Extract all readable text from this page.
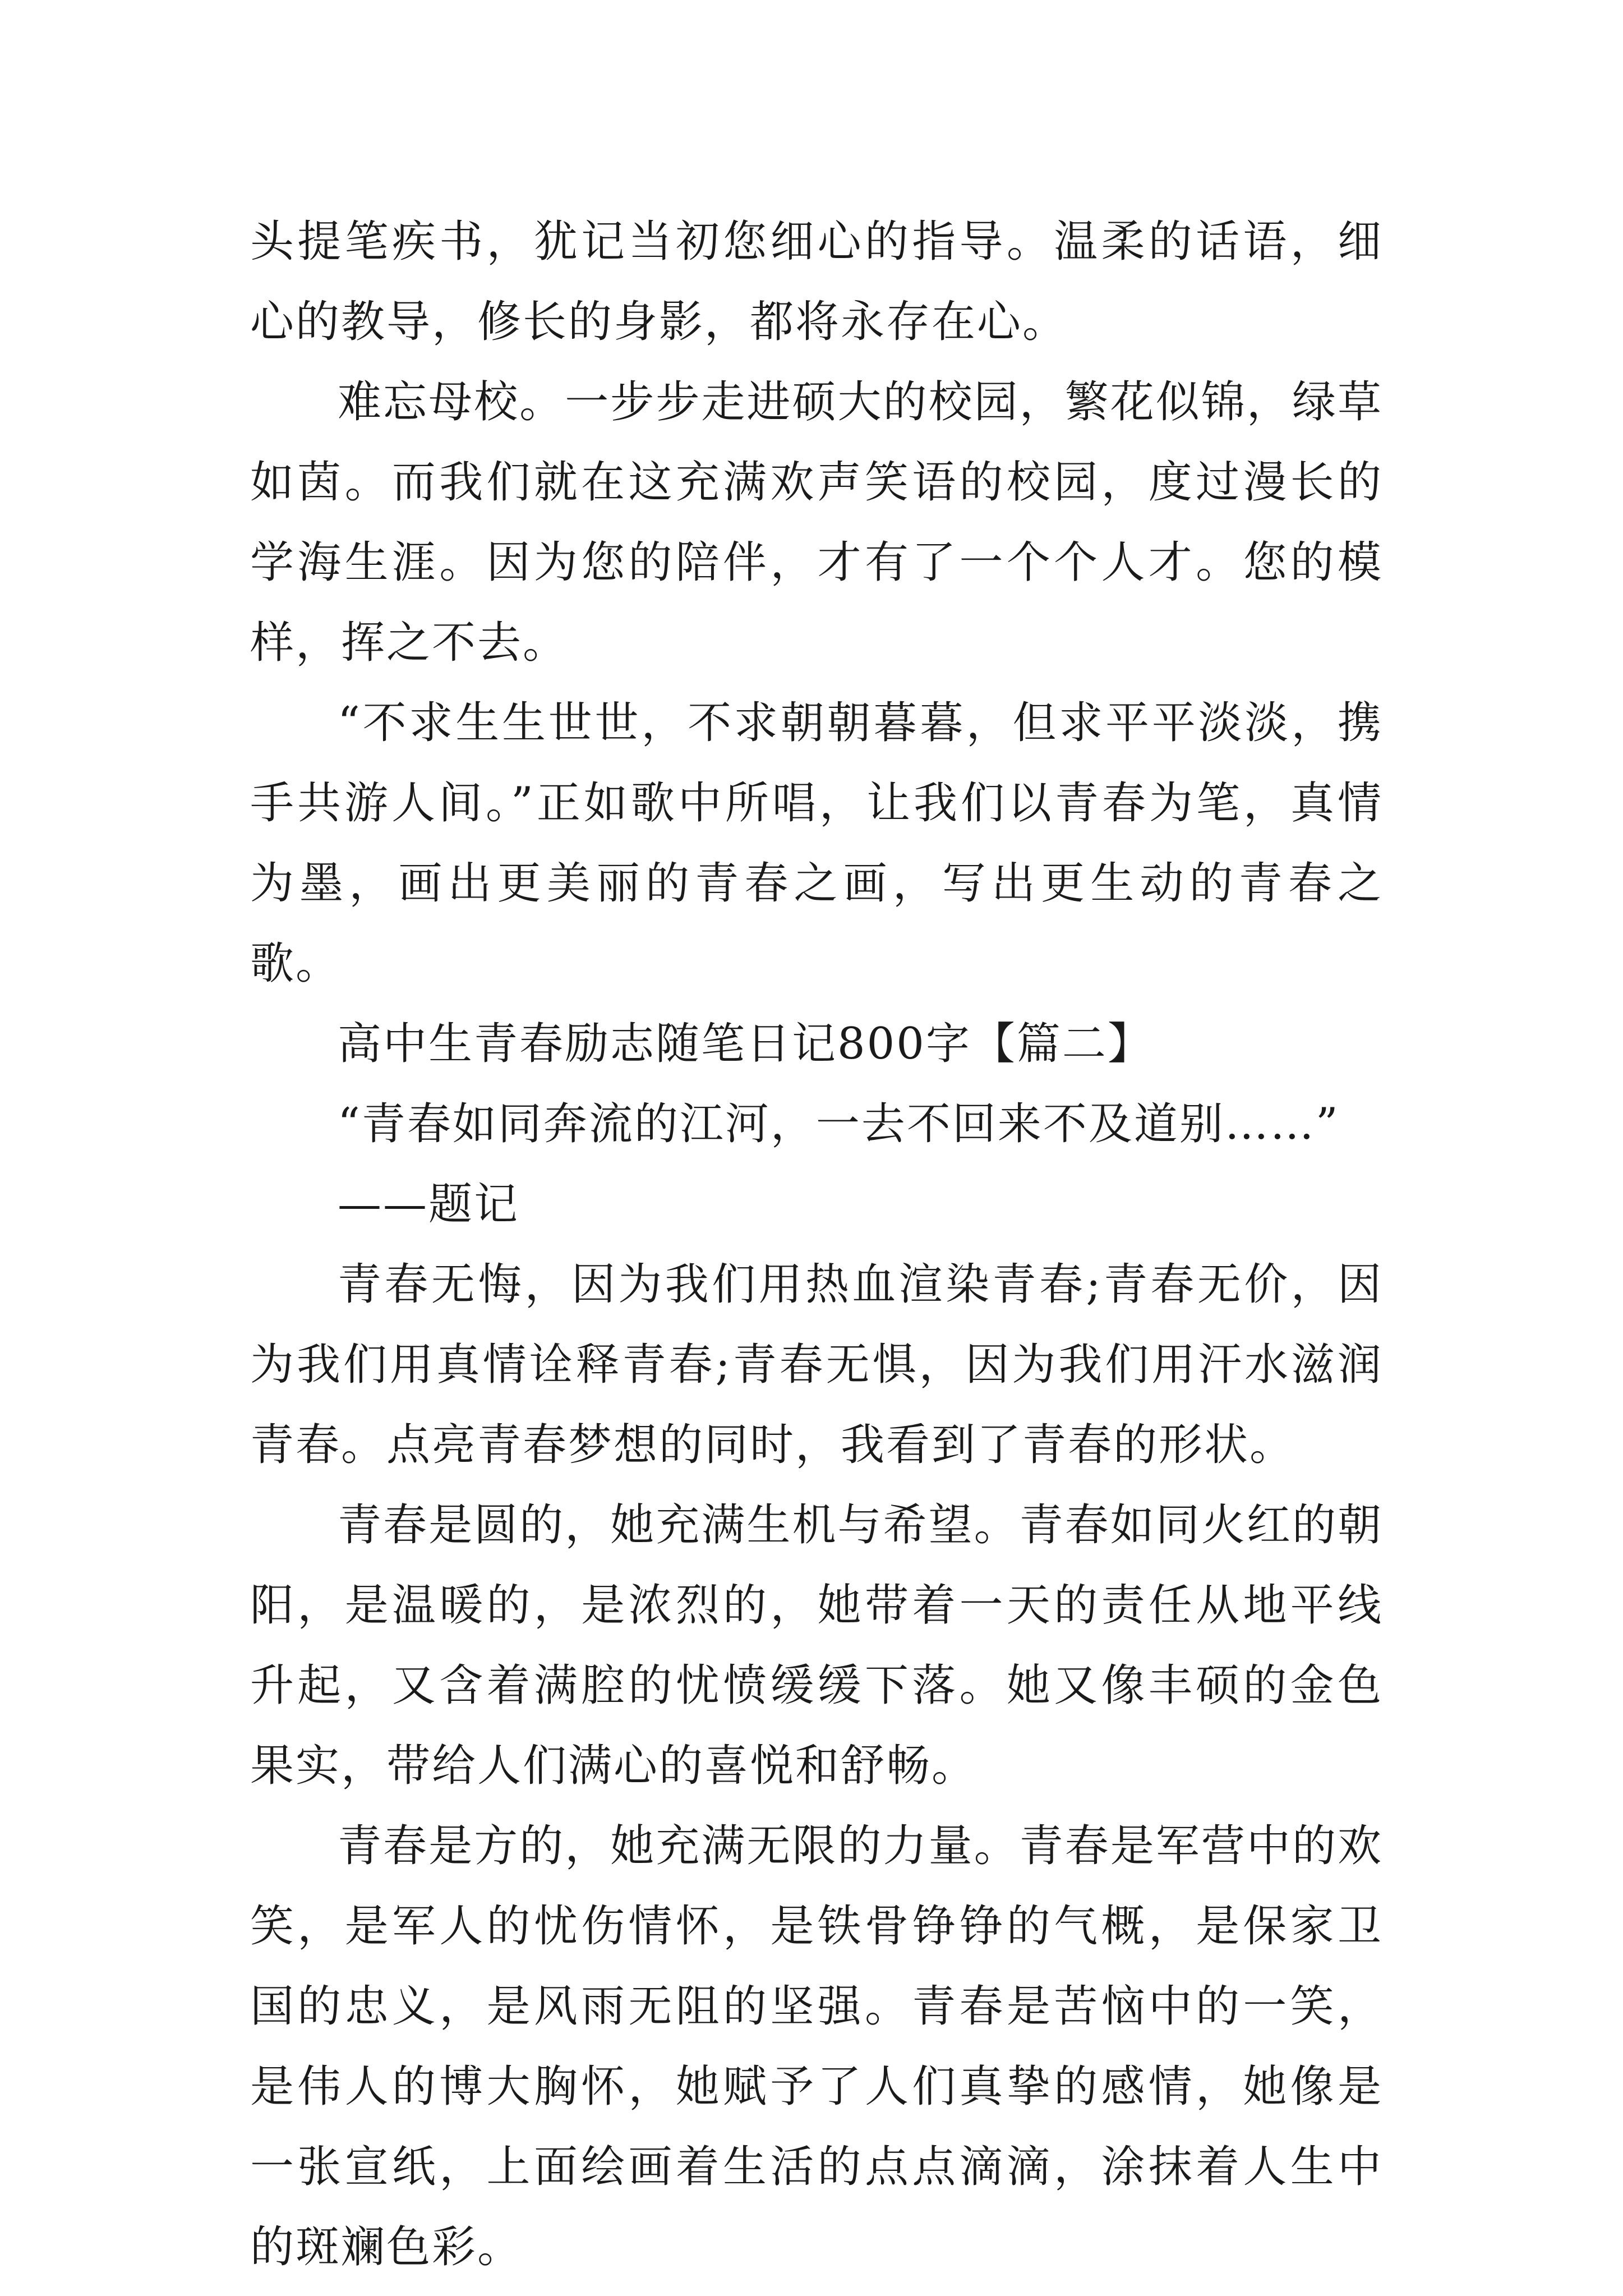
头提笔疾书，犹记当初您细心的指导。温柔的话语，细心的教导，修长的身影，都将永存在心。

难忘母校。一步步走进硕大的校园，繁花似锦，绿草如茵。而我们就在这充满欢声笑语的校园，度过漫长的学海生涯。因为您的陪伴，才有了一个个人才。您的模样，挥之不去。

“不求生生世世，不求朝朝暮暮，但求平平淡淡，携手共游人间。”正如歌中所唱，让我们以青春为笔，真情为墨，画出更美丽的青春之画，写出更生动的青春之歌。

高中生青春励志随笔日记800字【篇二】

“青春如同奔流的江河，一去不回来不及道别……”

——题记

青春无悔，因为我们用热血渲染青春;青春无价，因为我们用真情诠释青春;青春无惧，因为我们用汗水滋润青春。点亮青春梦想的同时，我看到了青春的形状。

青春是圆的，她充满生机与希望。青春如同火红的朝阳，是温暖的，是浓烈的，她带着一天的责任从地平线升起，又含着满腔的忧愤缓缓下落。她又像丰硕的金色果实，带给人们满心的喜悦和舒畅。

青春是方的，她充满无限的力量。青春是军营中的欢笑，是军人的忧伤情怀，是铁骨铮铮的气概，是保家卫国的忠义，是风雨无阻的坚强。青春是苦恼中的一笑，是伟人的博大胸怀，她赋予了人们真挚的感情，她像是一张宣纸，上面绘画着生活的点点滴滴，涂抹着人生中的斑斓色彩。
